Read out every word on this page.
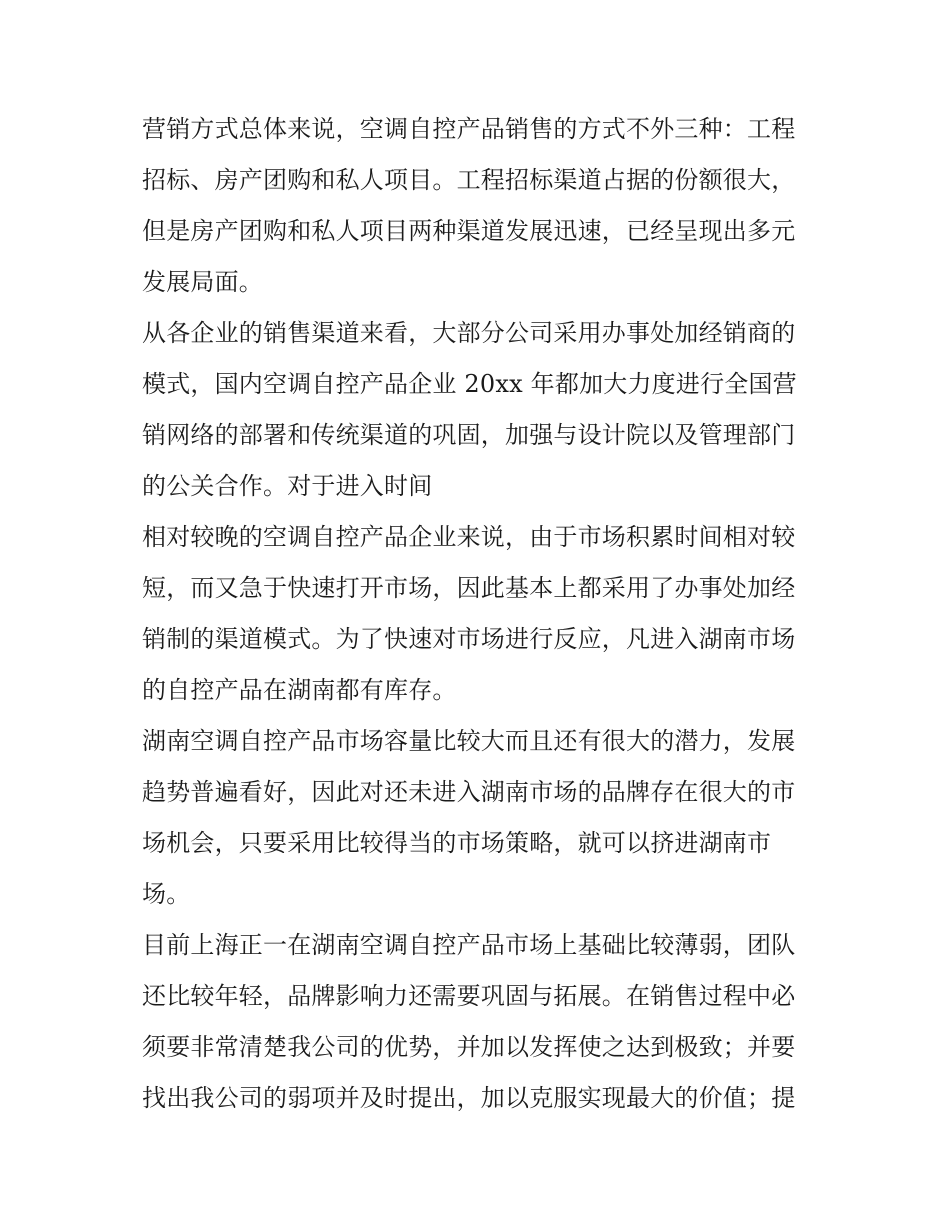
营销方式总体来说，空调自控产品销售的方式不外三种：工程
招标、房产团购和私人项目。工程招标渠道占据的份额很大，
但是房产团购和私人项目两种渠道发展迅速，已经呈现出多元
发展局面。
从各企业的销售渠道来看，大部分公司采用办事处加经销商的
模式，国内空调自控产品企业 20xx 年都加大力度进行全国营
销网络的部署和传统渠道的巩固，加强与设计院以及管理部门
的公关合作。对于进入时间
相对较晚的空调自控产品企业来说，由于市场积累时间相对较
短，而又急于快速打开市场，因此基本上都采用了办事处加经
销制的渠道模式。为了快速对市场进行反应，凡进入湖南市场
的自控产品在湖南都有库存。
湖南空调自控产品市场容量比较大而且还有很大的潜力，发展
趋势普遍看好，因此对还未进入湖南市场的品牌存在很大的市
场机会，只要采用比较得当的市场策略，就可以挤进湖南市
场。
目前上海正一在湖南空调自控产品市场上基础比较薄弱，团队
还比较年轻，品牌影响力还需要巩固与拓展。在销售过程中必
须要非常清楚我公司的优势，并加以发挥使之达到极致；并要
找出我公司的弱项并及时提出，加以克服实现最大的价值；提
